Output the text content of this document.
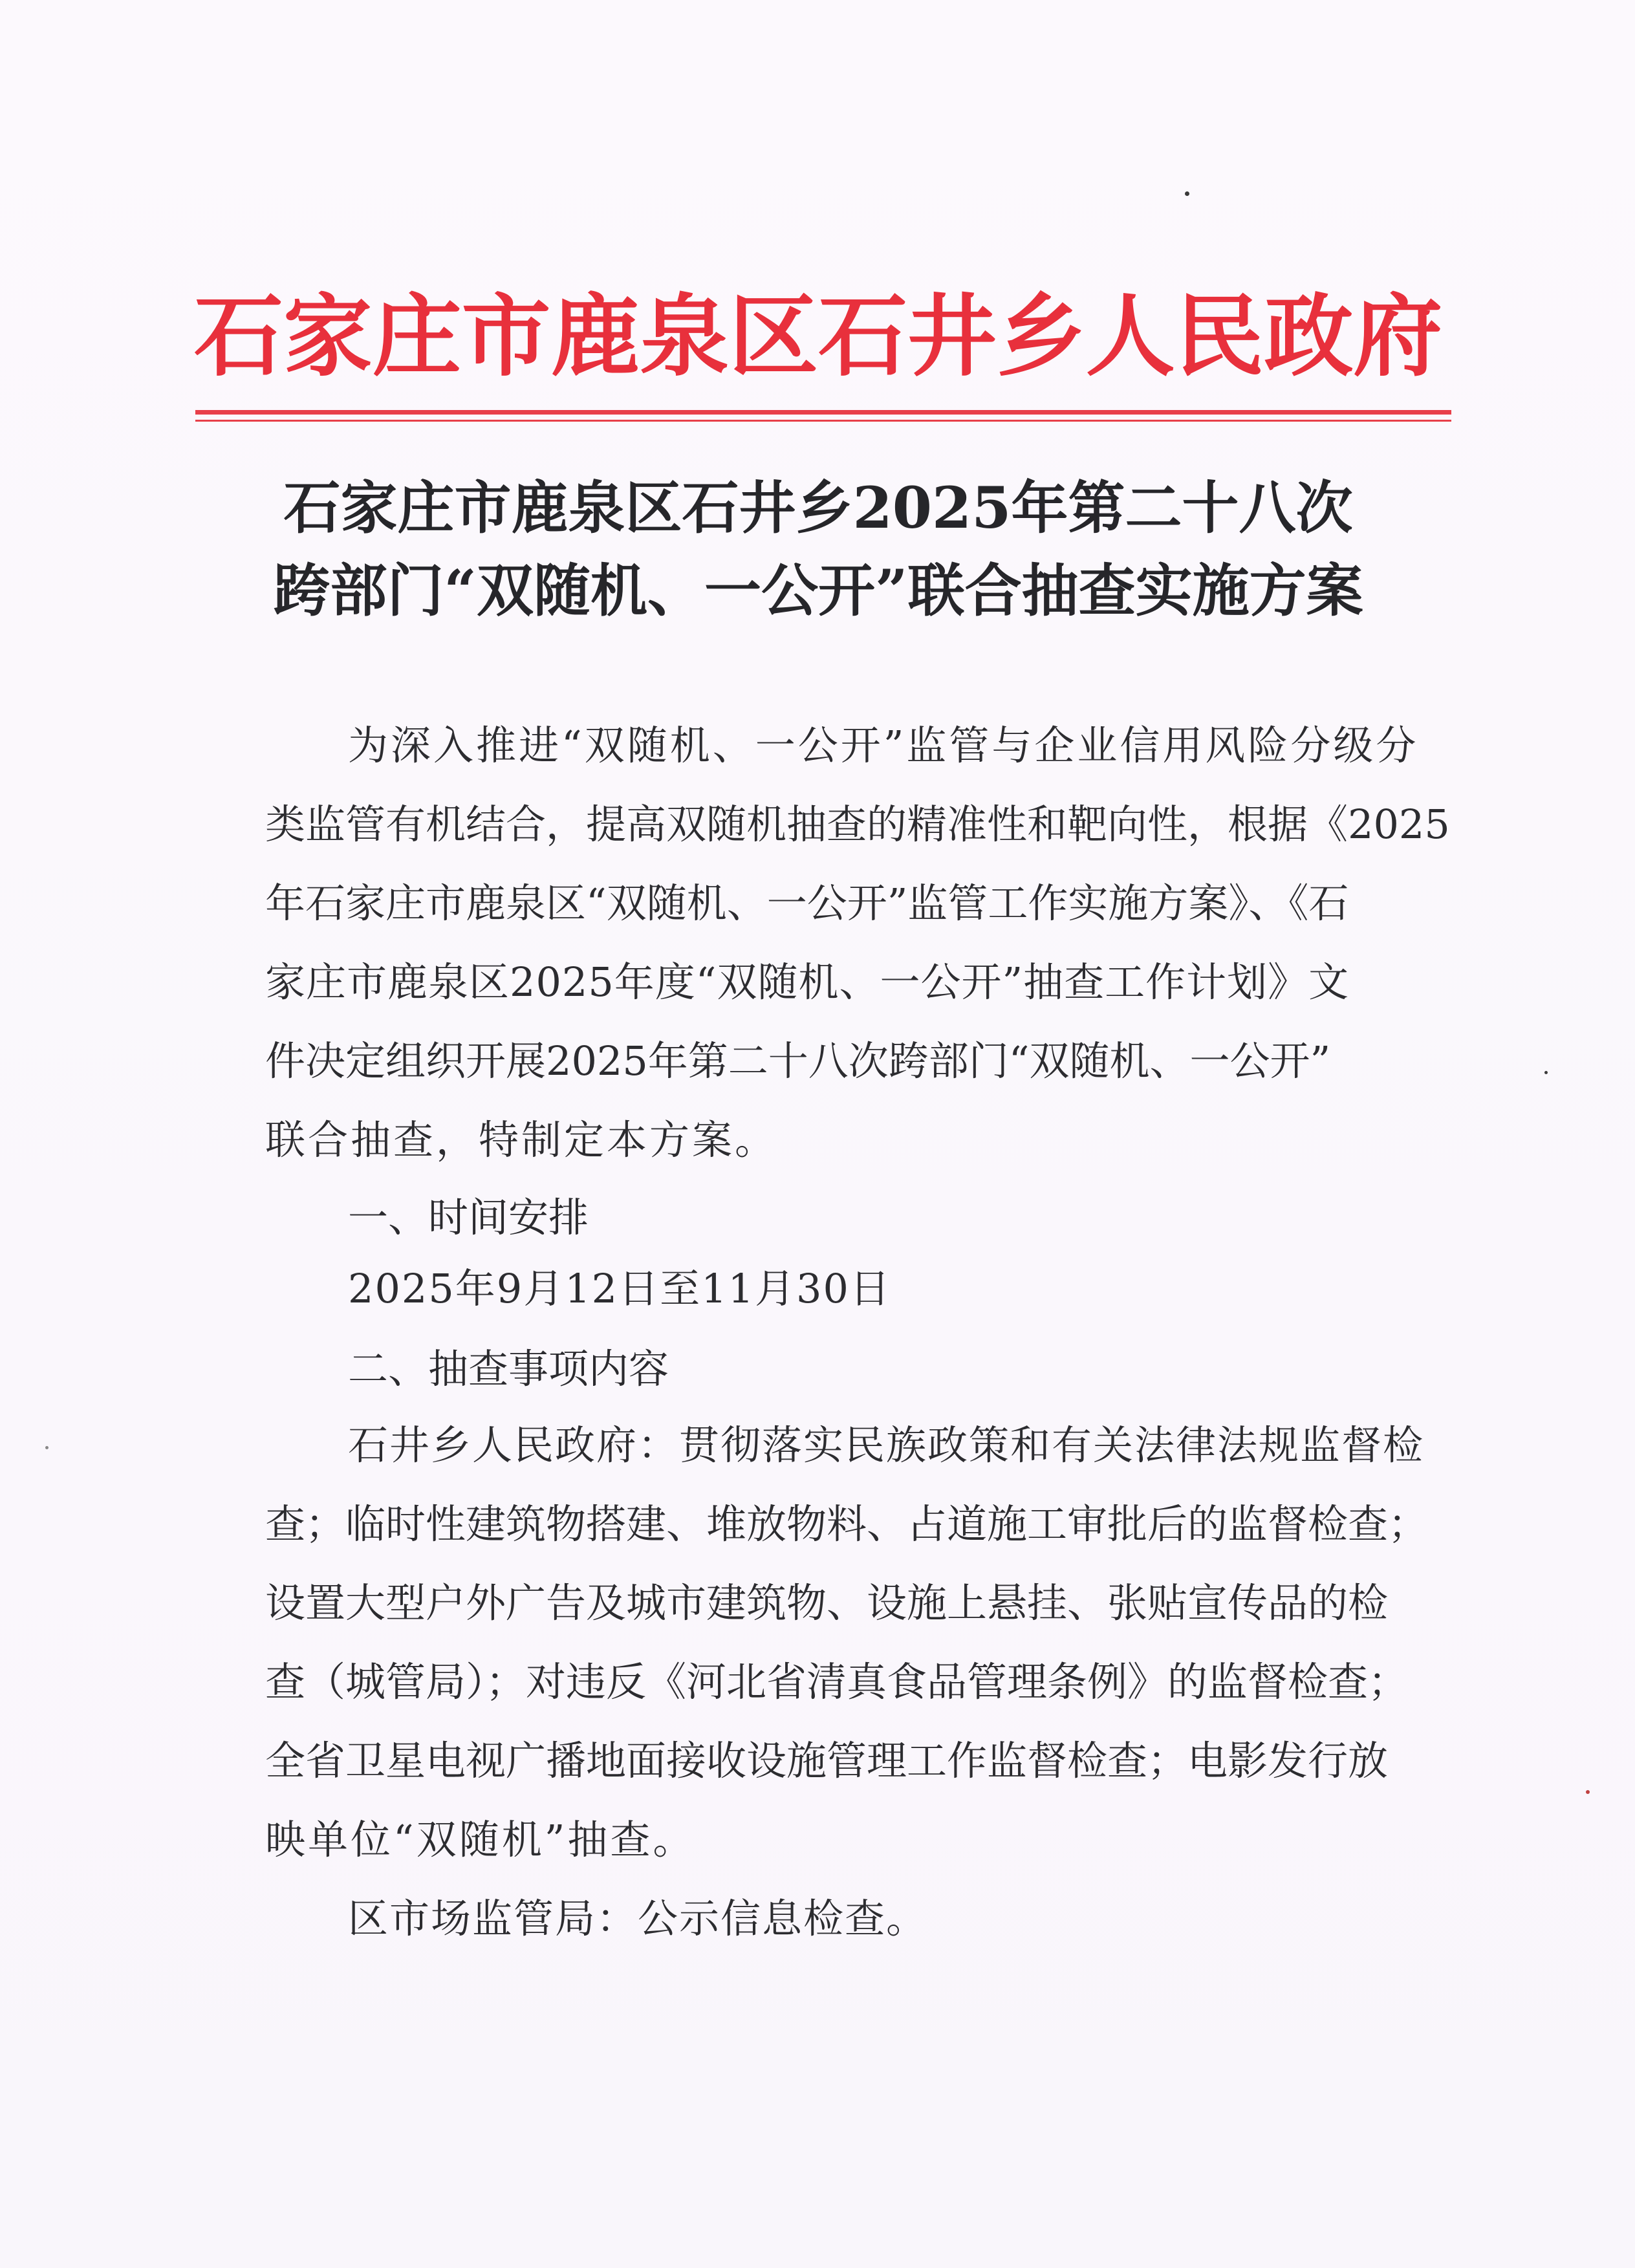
石家庄市鹿泉区石井乡人民政府
石家庄市鹿泉区石井乡2025年第二十八次
跨部门“双随机、一公开”联合抽查实施方案
为深入推进“双随机、一公开”监管与企业信用风险分级分
类监管有机结合，提高双随机抽查的精准性和靶向性，根据《2025
年石家庄市鹿泉区“双随机、一公开”监管工作实施方案》、《石
家庄市鹿泉区2025年度“双随机、一公开”抽查工作计划》文
件决定组织开展2025年第二十八次跨部门“双随机、一公开”
联合抽查，特制定本方案。
一、时间安排
2025年9月12日至11月30日
二、抽查事项内容
石井乡人民政府：贯彻落实民族政策和有关法律法规监督检
查；临时性建筑物搭建、堆放物料、占道施工审批后的监督检查；
设置大型户外广告及城市建筑物、设施上悬挂、张贴宣传品的检
查（城管局）；对违反《河北省清真食品管理条例》的监督检查；
全省卫星电视广播地面接收设施管理工作监督检查；电影发行放
映单位“双随机”抽查。
区市场监管局：公示信息检查。
